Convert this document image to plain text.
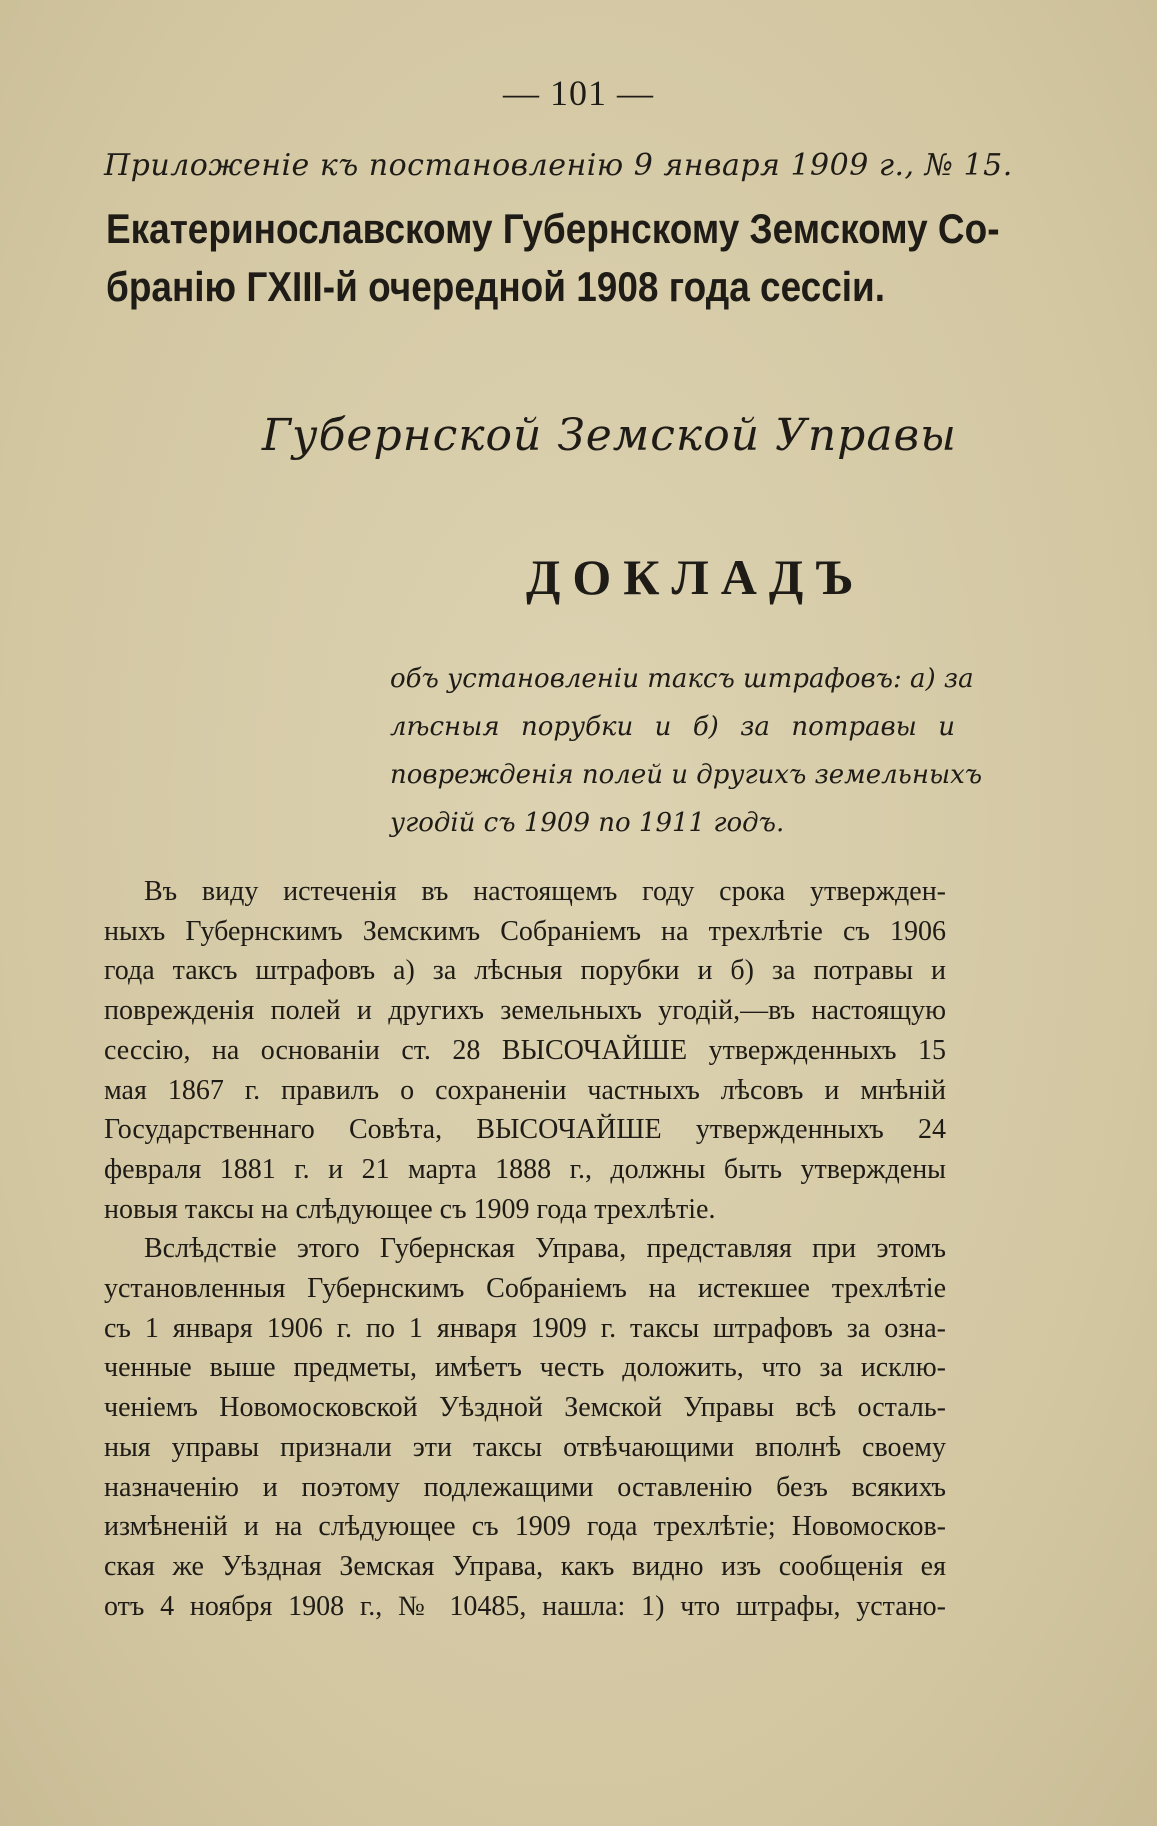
— 101 —
Приложеніе къ постановленію 9 января 1909 г., № 15.
Екатеринославскому Губернскому Земскому Со-
бранію ГХIII-й очередной 1908 года сессіи.
Губернской Земской Управы
ДОКЛАДЪ
объ установленіи таксъ штрафовъ: а) за
лѣсныя порубки и б) за потравы и
поврежденія полей и другихъ земельныхъ
угодій съ 1909 по 1911 годъ.
Въ виду истеченія въ настоящемъ году срока утвержден-
ныхъ Губернскимъ Земскимъ Собраніемъ на трехлѣтіе съ 1906
года таксъ штрафовъ а) за лѣсныя порубки и б) за потравы и
поврежденія полей и другихъ земельныхъ угодій,—въ настоящую
сессію, на основаніи ст. 28 ВЫСОЧАЙШЕ утвержденныхъ 15
мая 1867 г. правилъ о сохраненіи частныхъ лѣсовъ и мнѣній
Государственнаго Совѣта, ВЫСОЧАЙШЕ утвержденныхъ 24
февраля 1881 г. и 21 марта 1888 г., должны быть утверждены
новыя таксы на слѣдующее съ 1909 года трехлѣтіе.
Вслѣдствіе этого Губернская Управа, представляя при этомъ
установленныя Губернскимъ Собраніемъ на истекшее трехлѣтіе
съ 1 января 1906 г. по 1 января 1909 г. таксы штрафовъ за озна-
ченные выше предметы, имѣетъ честь доложить, что за исклю-
ченіемъ Новомосковской Уѣздной Земской Управы всѣ осталь-
ныя управы признали эти таксы отвѣчающими вполнѣ своему
назначенію и поэтому подлежащими оставленію безъ всякихъ
измѣненій и на слѣдующее съ 1909 года трехлѣтіе; Новомосков-
ская же Уѣздная Земская Управа, какъ видно изъ сообщенія ея
отъ 4 ноября 1908 г., № 10485, нашла: 1) что штрафы, устано-
